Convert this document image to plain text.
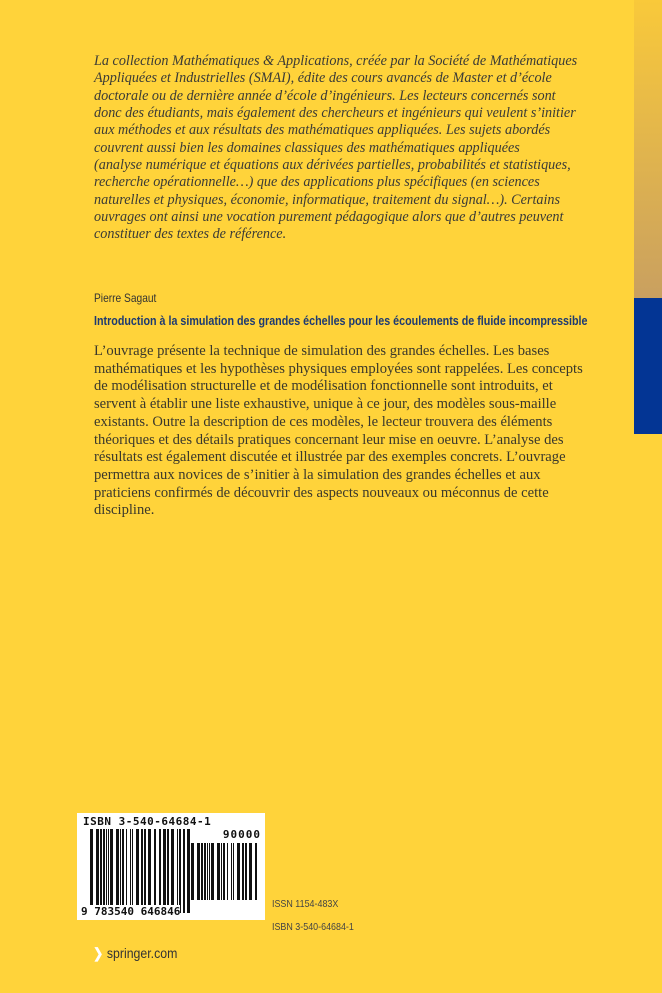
La collection Mathématiques & Applications, créée par la Société de Mathématiques
Appliquées et Industrielles (SMAI), édite des cours avancés de Master et d’école
doctorale ou de dernière année d’école d’ingénieurs. Les lecteurs concernés sont
donc des étudiants, mais également des chercheurs et ingénieurs qui veulent s’initier
aux méthodes et aux résultats des mathématiques appliquées. Les sujets abordés
couvrent aussi bien les domaines classiques des mathématiques appliquées
(analyse numérique et équations aux dérivées partielles, probabilités et statistiques,
recherche opérationnelle…) que des applications plus spécifiques (en sciences
naturelles et physiques, économie, informatique, traitement du signal…). Certains
ouvrages ont ainsi une vocation purement pédagogique alors que d’autres peuvent
constituer des textes de référence.
Pierre Sagaut
Introduction à la simulation des grandes échelles pour les écoulements de fluide incompressible
L’ouvrage présente la technique de simulation des grandes échelles. Les bases
mathématiques et les hypothèses physiques employées sont rappelées. Les concepts
de modélisation structurelle et de modélisation fonctionnelle sont introduits, et
servent à établir une liste exhaustive, unique à ce jour, des modèles sous-maille
existants. Outre la description de ces modèles, le lecteur trouvera des éléments
théoriques et des détails pratiques concernant leur mise en oeuvre. L’analyse des
résultats est également discutée et illustrée par des exemples concrets. L’ouvrage
permettra aux novices de s’initier à la simulation des grandes échelles et aux
praticiens confirmés de découvrir des aspects nouveaux ou méconnus de cette
discipline.
ISBN 3-540-64684-1
90000
9 783540 646846
ISSN 1154-483X
ISBN 3-540-64684-1
❯ springer.com
